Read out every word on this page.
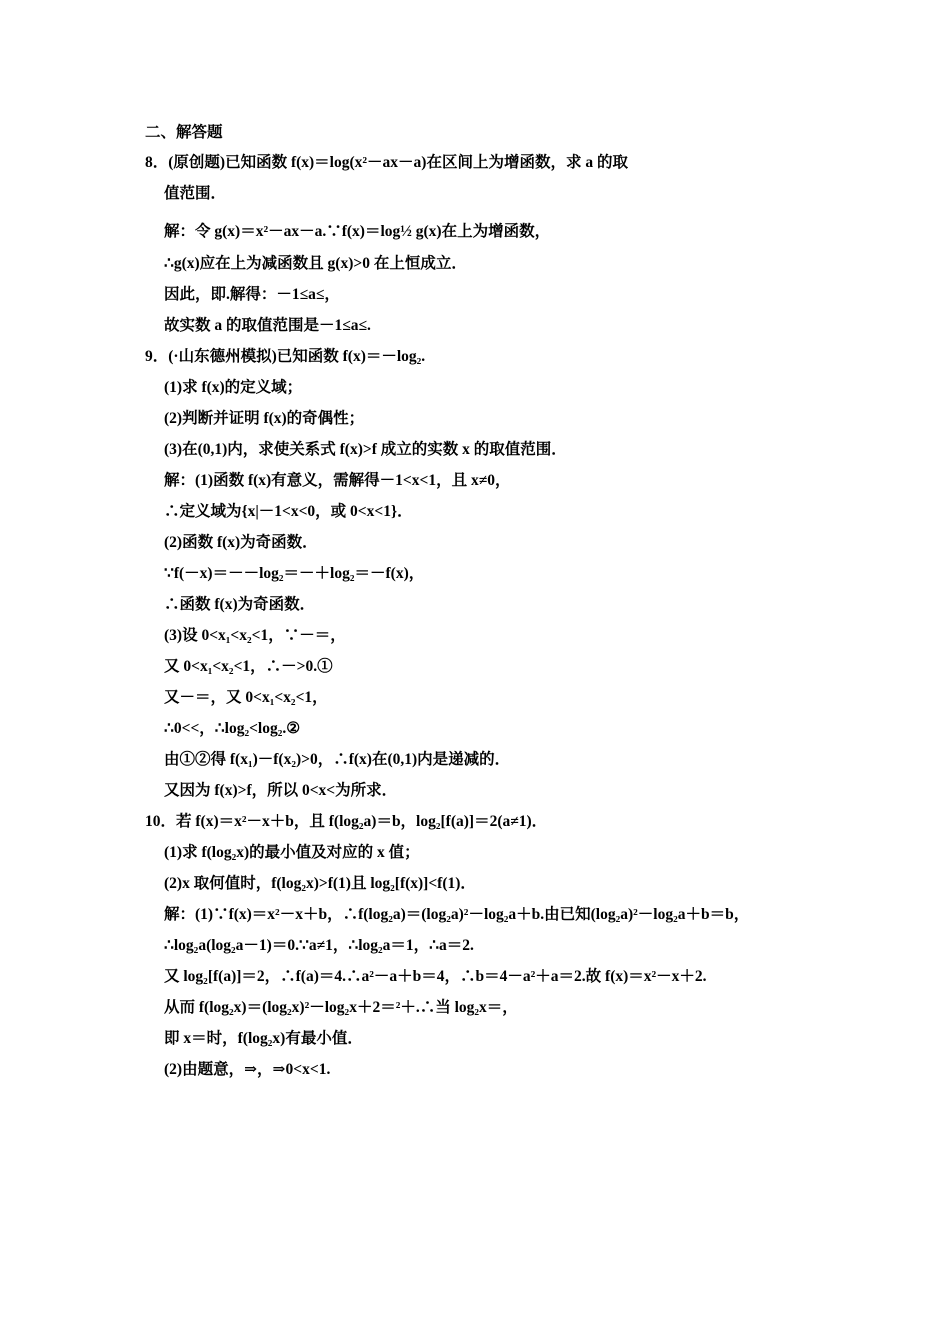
二、解答题
8．(原创题)已知函数 f(x)＝log(x²－ax－a)在区间上为增函数，求 a 的取
值范围．
解：令 g(x)＝x²－ax－a.∵f(x)＝log½ g(x)在上为增函数，
∴g(x)应在上为减函数且 g(x)>0 在上恒成立．
因此，即.解得：－1≤a≤，
故实数 a 的取值范围是－1≤a≤.
9．(·山东德州模拟)已知函数 f(x)＝－log₂.
(1)求 f(x)的定义域；
(2)判断并证明 f(x)的奇偶性；
(3)在(0,1)内，求使关系式 f(x)>f 成立的实数 x 的取值范围．
解：(1)函数 f(x)有意义，需解得－1<x<1，且 x≠0，
∴定义域为{x|－1<x<0，或 0<x<1}．
(2)函数 f(x)为奇函数．
∵f(－x)＝－－log₂＝－＋log₂＝－f(x)，
∴函数 f(x)为奇函数．
(3)设 0<x₁<x₂<1，∵－＝，
又 0<x₁<x₂<1，∴－>0.①
又－＝，又 0<x₁<x₂<1，
∴0<<，∴log₂<log₂.②
由①②得 f(x₁)－f(x₂)>0，∴f(x)在(0,1)内是递减的．
又因为 f(x)>f，所以 0<x<为所求．
10．若 f(x)＝x²－x＋b，且 f(log₂a)＝b，log₂[f(a)]＝2(a≠1)．
(1)求 f(log₂x)的最小值及对应的 x 值；
(2)x 取何值时，f(log₂x)>f(1)且 log₂[f(x)]<f(1)．
解：(1)∵f(x)＝x²－x＋b，∴f(log₂a)＝(log₂a)²－log₂a＋b.由已知(log₂a)²－log₂a＋b＝b，
∴log₂a(log₂a－1)＝0.∵a≠1，∴log₂a＝1，∴a＝2.
又 log₂[f(a)]＝2，∴f(a)＝4.∴a²－a＋b＝4，∴b＝4－a²＋a＝2.故 f(x)＝x²－x＋2.
从而 f(log₂x)＝(log₂x)²－log₂x＋2＝²＋.∴当 log₂x＝，
即 x＝时，f(log₂x)有最小值．
(2)由题意，⇒，⇒0<x<1.
